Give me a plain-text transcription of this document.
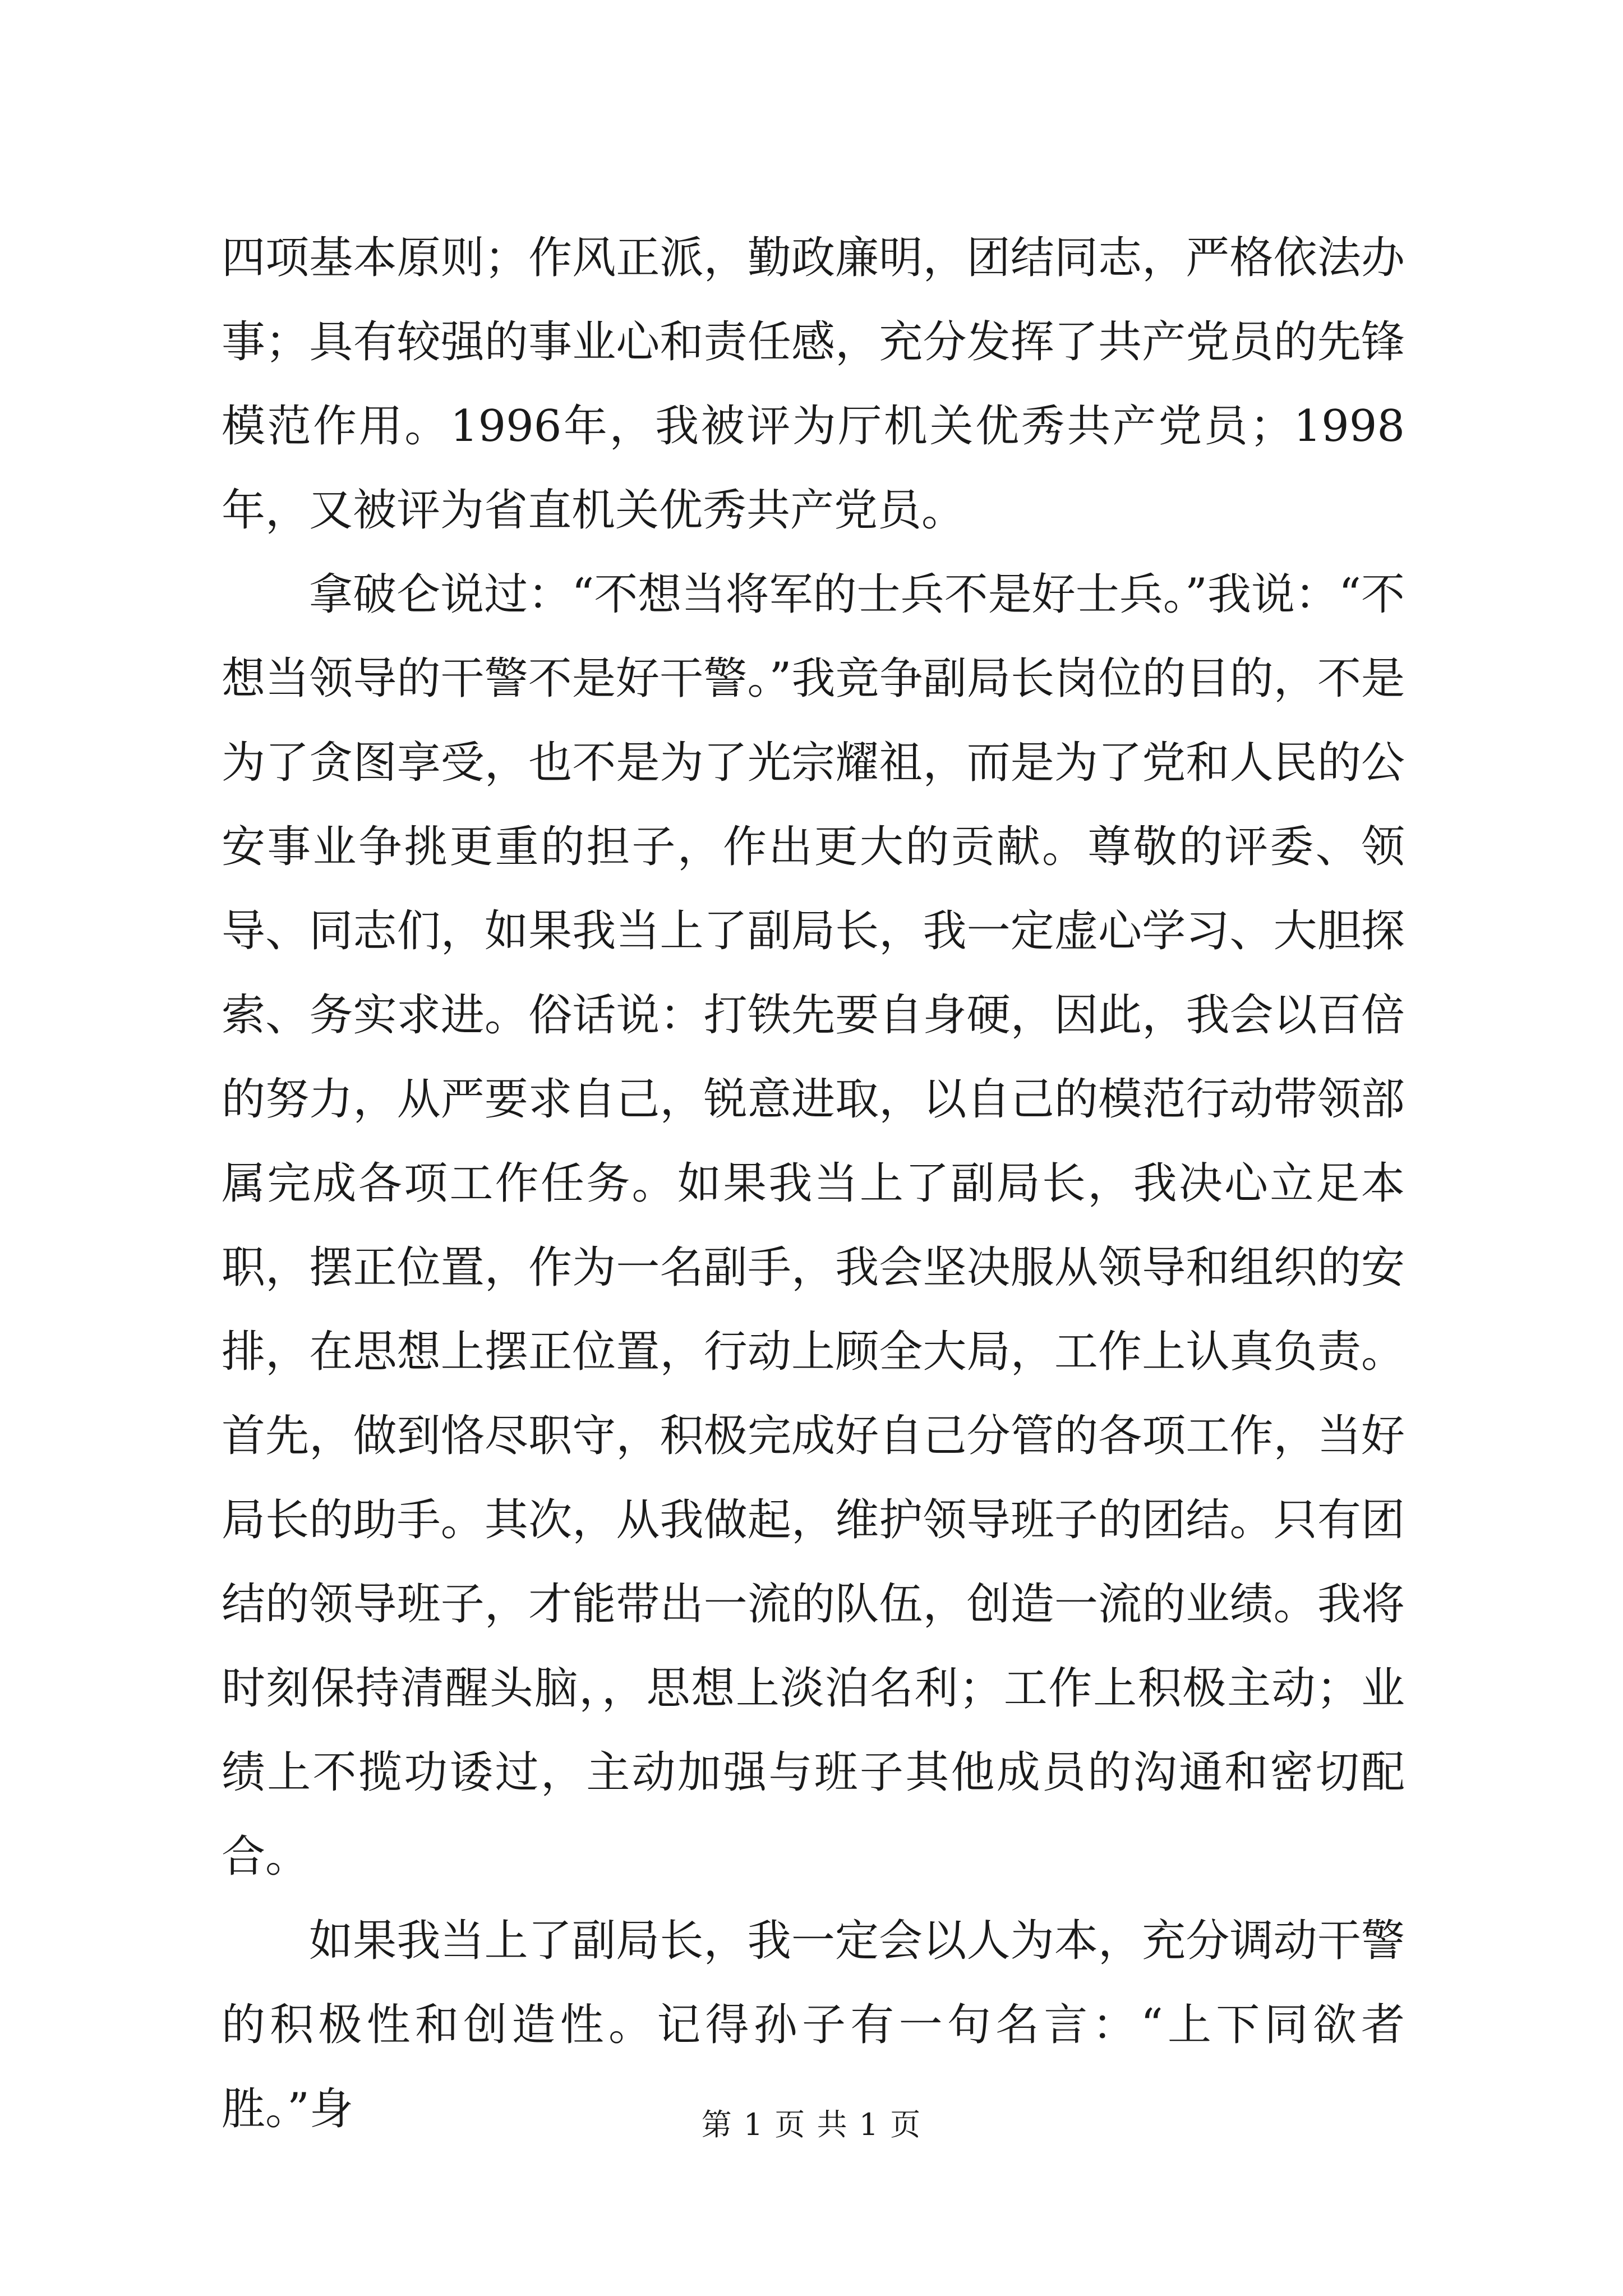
四项基本原则；作风正派，勤政廉明，团结同志，严格依法办事；具有较强的事业心和责任感，充分发挥了共产党员的先锋模范作用。1996年，我被评为厅机关优秀共产党员；1998年，又被评为省直机关优秀共产党员。

拿破仑说过：“不想当将军的士兵不是好士兵。”我说：“不想当领导的干警不是好干警。”我竞争副局长岗位的目的，不是为了贪图享受，也不是为了光宗耀祖，而是为了党和人民的公安事业争挑更重的担子，作出更大的贡献。尊敬的评委、领导、同志们，如果我当上了副局长，我一定虚心学习、大胆探索、务实求进。俗话说：打铁先要自身硬，因此，我会以百倍的努力，从严要求自己，锐意进取，以自己的模范行动带领部属完成各项工作任务。如果我当上了副局长，我决心立足本职，摆正位置，作为一名副手，我会坚决服从领导和组织的安排，在思想上摆正位置，行动上顾全大局，工作上认真负责。首先，做到恪尽职守，积极完成好自己分管的各项工作，当好局长的助手。其次，从我做起，维护领导班子的团结。只有团结的领导班子，才能带出一流的队伍，创造一流的业绩。我将时刻保持清醒头脑，，思想上淡泊名利；工作上积极主动；业绩上不揽功诿过，主动加强与班子其他成员的沟通和密切配合。

如果我当上了副局长，我一定会以人为本，充分调动干警的积极性和创造性。记得孙子有一句名言：“上下同欲者胜。”身	第 1 页 共 1 页
